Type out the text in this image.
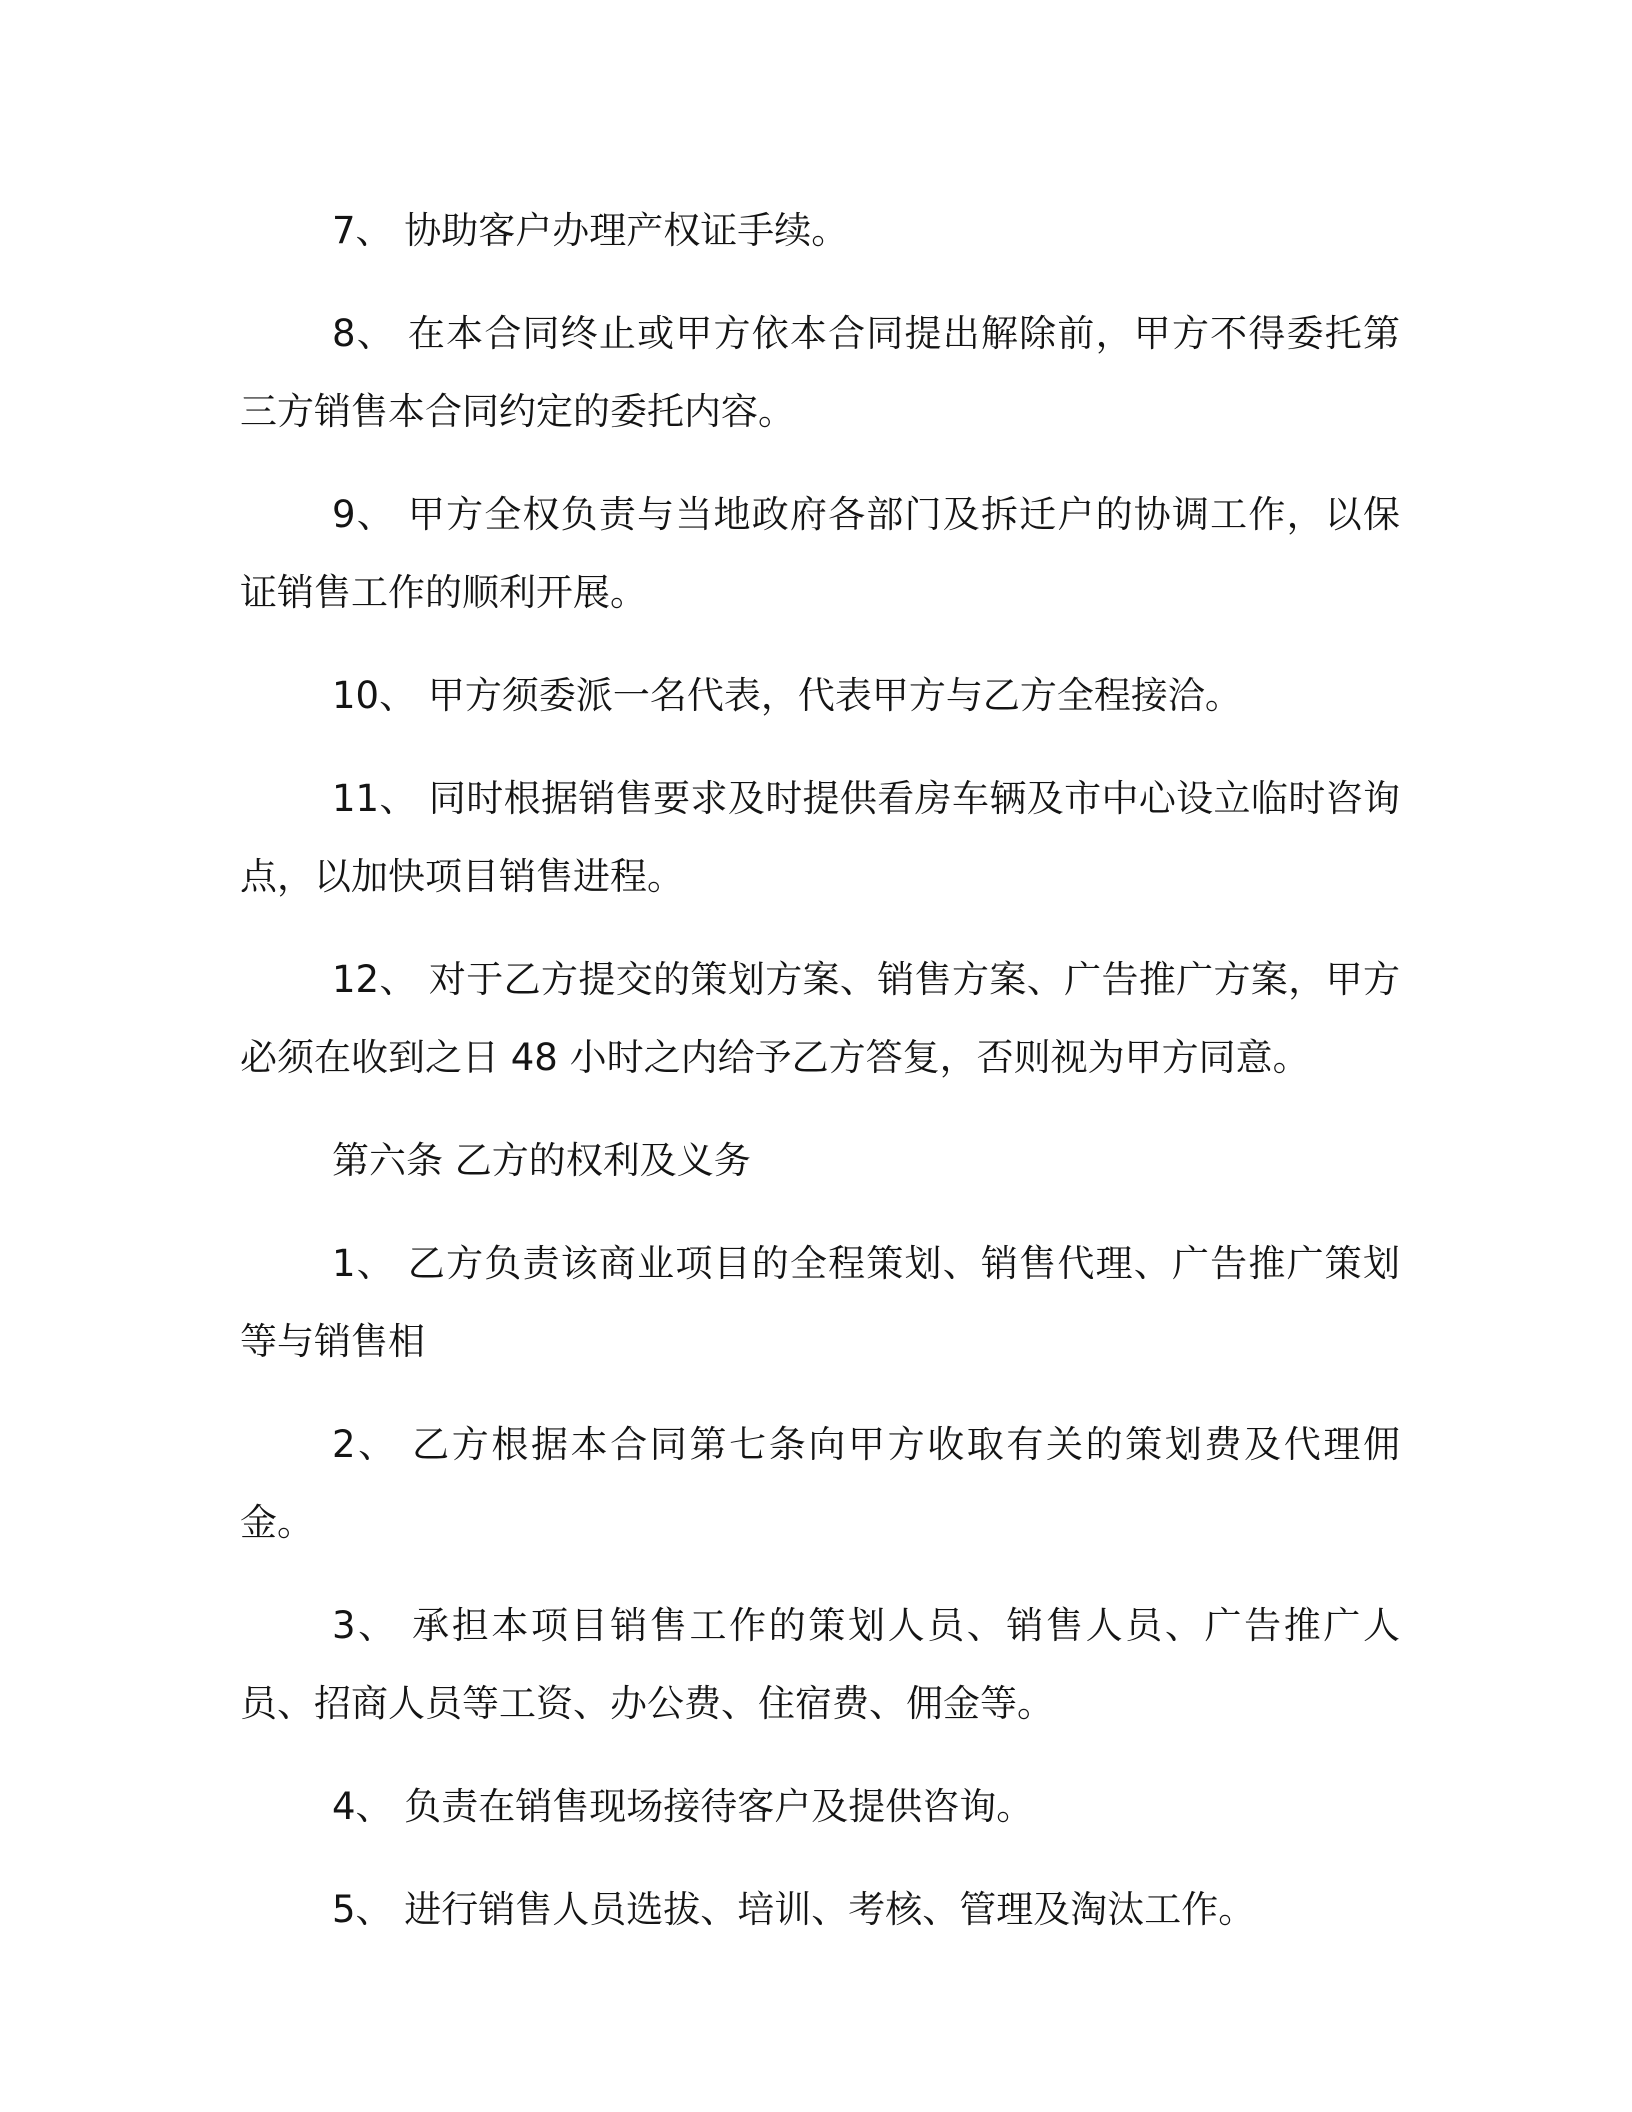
7、 协助客户办理产权证手续。

8、 在本合同终止或甲方依本合同提出解除前，甲方不得委托第三方销售本合同约定的委托内容。

9、 甲方全权负责与当地政府各部门及拆迁户的协调工作，以保证销售工作的顺利开展。

10、 甲方须委派一名代表，代表甲方与乙方全程接洽。

11、 同时根据销售要求及时提供看房车辆及市中心设立临时咨询点，以加快项目销售进程。

12、 对于乙方提交的策划方案、销售方案、广告推广方案，甲方必须在收到之日 48 小时之内给予乙方答复，否则视为甲方同意。

第六条 乙方的权利及义务

1、 乙方负责该商业项目的全程策划、销售代理、广告推广策划等与销售相

2、 乙方根据本合同第七条向甲方收取有关的策划费及代理佣金。

3、 承担本项目销售工作的策划人员、销售人员、广告推广人员、招商人员等工资、办公费、住宿费、佣金等。

4、 负责在销售现场接待客户及提供咨询。

5、 进行销售人员选拔、培训、考核、管理及淘汰工作。
